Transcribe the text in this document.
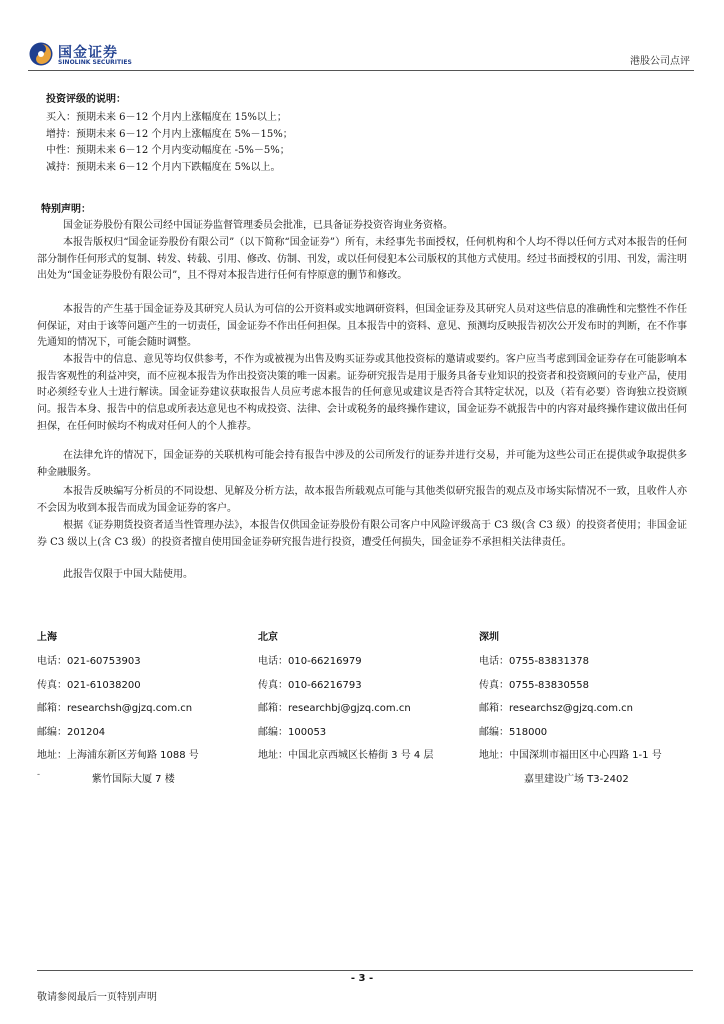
国金证券
SINOLINK SECURITIES	港股公司点评
投资评级的说明：
买入：预期未来 6－12 个月内上涨幅度在 15%以上；
增持：预期未来 6－12 个月内上涨幅度在 5%－15%；
中性：预期未来 6－12 个月内变动幅度在 -5%－5%；
减持：预期未来 6－12 个月内下跌幅度在 5%以上。
特别声明：

国金证券股份有限公司经中国证券监督管理委员会批准，已具备证券投资咨询业务资格。

本报告版权归“国金证券股份有限公司”（以下简称“国金证券”）所有，未经事先书面授权，任何机构和个人均不得以任何方式对本报告的任何部分制作任何形式的复制、转发、转载、引用、修改、仿制、刊发，或以任何侵犯本公司版权的其他方式使用。经过书面授权的引用、刊发，需注明出处为“国金证券股份有限公司”，且不得对本报告进行任何有悖原意的删节和修改。

本报告的产生基于国金证券及其研究人员认为可信的公开资料或实地调研资料，但国金证券及其研究人员对这些信息的准确性和完整性不作任何保证，对由于该等问题产生的一切责任，国金证券不作出任何担保。且本报告中的资料、意见、预测均反映报告初次公开发布时的判断，在不作事先通知的情况下，可能会随时调整。

本报告中的信息、意见等均仅供参考，不作为或被视为出售及购买证券或其他投资标的邀请或要约。客户应当考虑到国金证券存在可能影响本报告客观性的利益冲突，而不应视本报告为作出投资决策的唯一因素。证券研究报告是用于服务具备专业知识的投资者和投资顾问的专业产品，使用时必须经专业人士进行解读。国金证券建议获取报告人员应考虑本报告的任何意见或建议是否符合其特定状况，以及（若有必要）咨询独立投资顾问。报告本身、报告中的信息或所表达意见也不构成投资、法律、会计或税务的最终操作建议，国金证券不就报告中的内容对最终操作建议做出任何担保，在任何时候均不构成对任何人的个人推荐。

在法律允许的情况下，国金证券的关联机构可能会持有报告中涉及的公司所发行的证券并进行交易，并可能为这些公司正在提供或争取提供多种金融服务。

本报告反映编写分析员的不同设想、见解及分析方法，故本报告所载观点可能与其他类似研究报告的观点及市场实际情况不一致，且收件人亦不会因为收到本报告而成为国金证券的客户。

根据《证券期货投资者适当性管理办法》，本报告仅供国金证券股份有限公司客户中风险评级高于 C3 级(含 C3 级）的投资者使用；非国金证券 C3 级以上(含 C3 级）的投资者擅自使用国金证券研究报告进行投资，遭受任何损失，国金证券不承担相关法律责任。

此报告仅限于中国大陆使用。

上海
电话：021-60753903
传真：021-61038200
邮箱：researchsh@gjzq.com.cn
邮编：201204
地址：上海浦东新区芳甸路 1088 号
紫竹国际大厦 7 楼
北京
电话：010-66216979
传真：010-66216793
邮箱：researchbj@gjzq.com.cn
邮编：100053
地址：中国北京西城区长椿街 3 号 4 层
深圳
电话：0755-83831378
传真：0755-83830558
邮箱：researchsz@gjzq.com.cn
邮编：518000
地址：中国深圳市福田区中心四路 1-1 号
嘉里建设广场 T3-2402
-
- 3 -
敬请参阅最后一页特别声明
